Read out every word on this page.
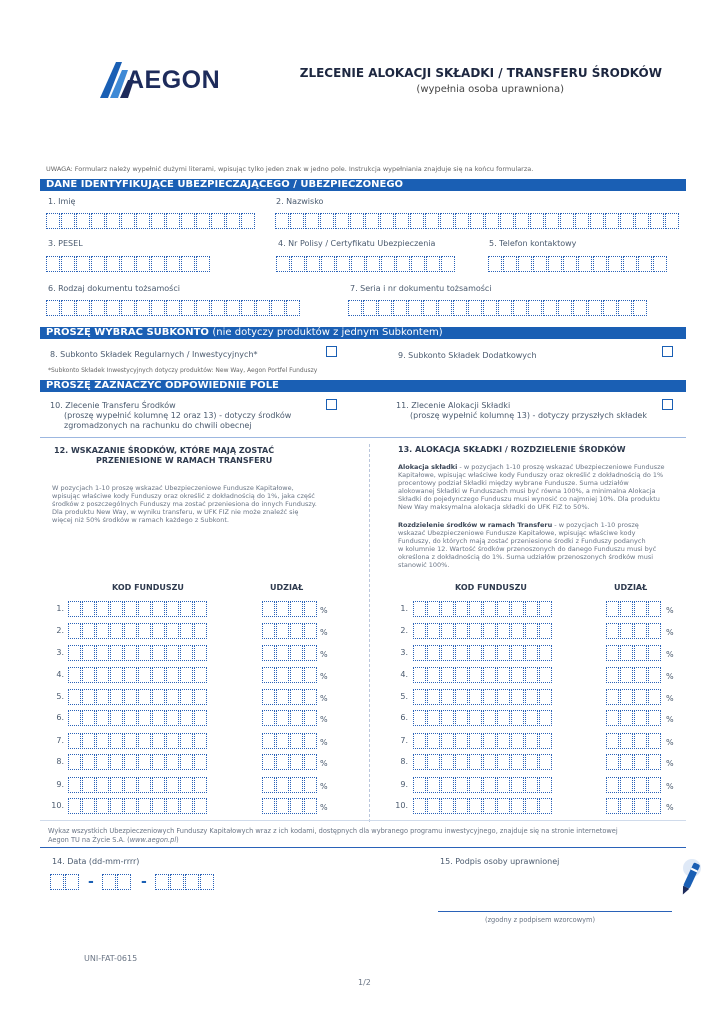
AEGON	ZLECENIE ALOKACJI SKŁADKI / TRANSFERU ŚRODKÓW
(wypełnia osoba uprawniona)
UWAGA: Formularz należy wypełnić dużymi literami, wpisując tylko jeden znak w jedno pole. Instrukcja wypełniania znajduje się na końcu formularza.
DANE IDENTYFIKUJĄCE UBEZPIECZAJĄCEGO / UBEZPIECZONEGO
1. Imię	2. Nazwisko
3. PESEL	4. Nr Polisy / Certyfikatu Ubezpieczenia	5. Telefon kontaktowy
6. Rodzaj dokumentu tożsamości	7. Seria i nr dokumentu tożsamości
PROSZĘ WYBRAĆ SUBKONTO (nie dotyczy produktów z jednym Subkontem)
8. Subkonto Składek Regularnych / Inwestycyjnych*	9. Subkonto Składek Dodatkowych
*Subkonto Składek Inwestycyjnych dotyczy produktów: New Way, Aegon Portfel Funduszy
PROSZĘ ZAZNACZYĆ ODPOWIEDNIE POLE
10. Zlecenie Transferu Środków
(proszę wypełnić kolumnę 12 oraz 13) - dotyczy środków
zgromadzonych na rachunku do chwili obecnej
11. Zlecenie Alokacji Składki
(proszę wypełnić kolumnę 13) - dotyczy przyszłych składek
12. WSKAZANIE ŚRODKÓW, KTÓRE MAJĄ ZOSTAĆ
PRZENIESIONE W RAMACH TRANSFERU
W pozycjach 1-10 proszę wskazać Ubezpieczeniowe Fundusze Kapitałowe,
wpisując właściwe kody Funduszy oraz określić z dokładnością do 1%, jaka część
środków z poszczególnych Funduszy ma zostać przeniesiona do innych Funduszy.
Dla produktu New Way, w wyniku transferu, w UFK FIZ nie może znaleźć się
więcej niż 50% środków w ramach każdego z Subkont.
13. ALOKACJA SKŁADKI / ROZDZIELENIE ŚRODKÓW
Alokacja składki - w pozycjach 1-10 proszę wskazać Ubezpieczeniowe Fundusze
Kapitałowe, wpisując właściwe kody Funduszy oraz określić z dokładnością do 1%
procentowy podział Składki między wybrane Fundusze. Suma udziałów
alokowanej Składki w Funduszach musi być równa 100%, a minimalna Alokacja
Składki do pojedynczego Funduszu musi wynosić co najmniej 10%. Dla produktu
New Way maksymalna alokacja składki do UFK FIZ to 50%.
Rozdzielenie środków w ramach Transferu - w pozycjach 1-10 proszę
wskazać Ubezpieczeniowe Fundusze Kapitałowe, wpisując właściwe kody
Funduszy, do których mają zostać przeniesione środki z Funduszy podanych
w kolumnie 12. Wartość środków przenoszonych do danego Funduszu musi być
określona z dokładnością do 1%. Suma udziałów przenoszonych środków musi
stanowić 100%.
KOD FUNDUSZU	UDZIAŁ	KOD FUNDUSZU	UDZIAŁ
1.	%	1.	%
2.	%	2.	%
3.	%	3.	%
4.	%	4.	%
5.	%	5.	%
6.	%	6.	%
7.	%	7.	%
8.	%	8.	%
9.	%	9.	%
10.	%	10.	%
Wykaz wszystkich Ubezpieczeniowych Funduszy Kapitałowych wraz z ich kodami, dostępnych dla wybranego programu inwestycyjnego, znajduje się na stronie internetowej
Aegon TU na Życie S.A. (www.aegon.pl)
14. Data (dd-mm-rrrr)
-	-
15. Podpis osoby uprawnionej
(zgodny z podpisem wzorcowym)
UNI-FAT-0615
1/2
